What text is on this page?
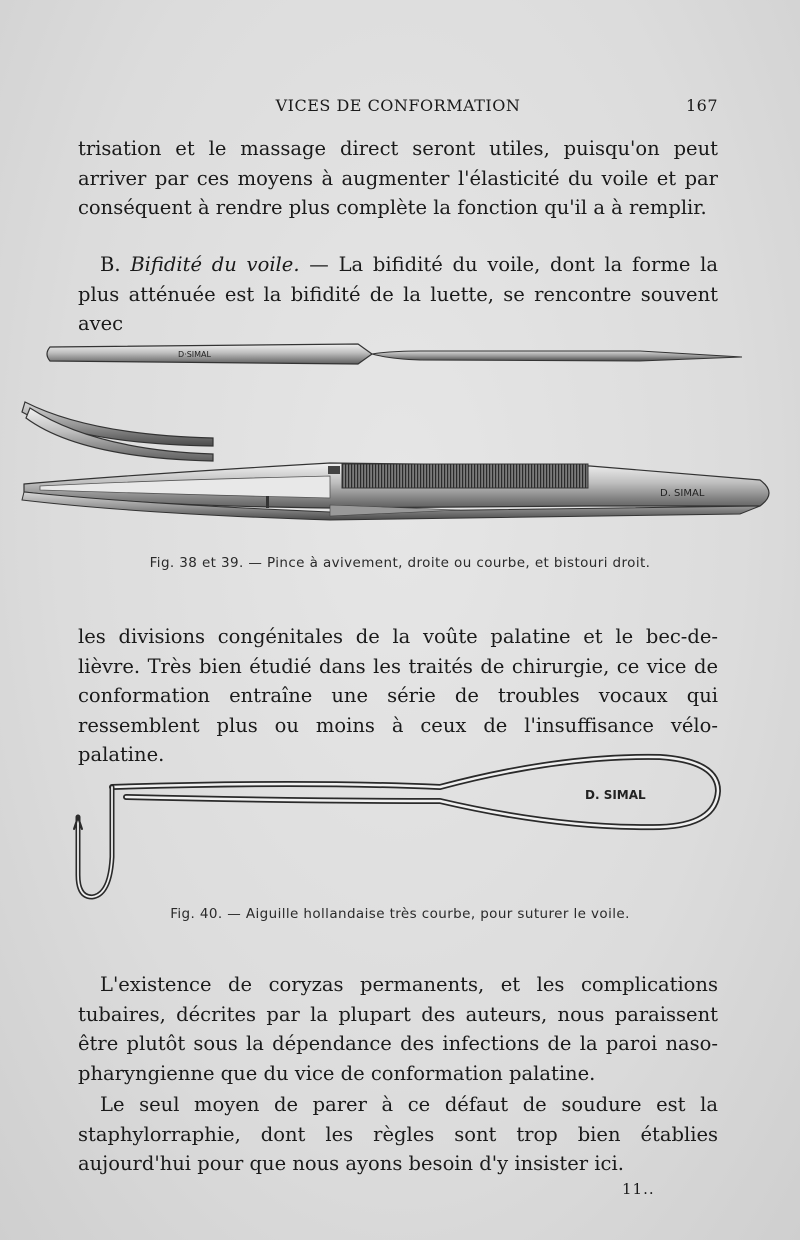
VICES DE CONFORMATION	167
trisation et le massage direct seront utiles, puisqu'on peut arriver par ces moyens à augmenter l'élasticité du voile et par conséquent à rendre plus complète la fonction qu'il a à remplir.
B. Bifidité du voile. — La bifidité du voile, dont la forme la plus atténuée est la bifidité de la luette, se rencontre souvent avec
D·SIMAL
D. SIMAL
Fig. 38 et 39. — Pince à avivement, droite ou courbe, et bistouri droit.
les divisions congénitales de la voûte palatine et le bec-de-lièvre. Très bien étudié dans les traités de chirurgie, ce vice de conformation entraîne une série de troubles vocaux qui ressemblent plus ou moins à ceux de l'insuffisance vélo-palatine.
D. SIMAL
Fig. 40. — Aiguille hollandaise très courbe, pour suturer le voile.
L'existence de coryzas permanents, et les complications tubaires, décrites par la plupart des auteurs, nous paraissent être plutôt sous la dépendance des infections de la paroi naso-pharyngienne que du vice de conformation palatine.
Le seul moyen de parer à ce défaut de soudure est la staphylorraphie, dont les règles sont trop bien établies aujourd'hui pour que nous ayons besoin d'y insister ici.
11..
